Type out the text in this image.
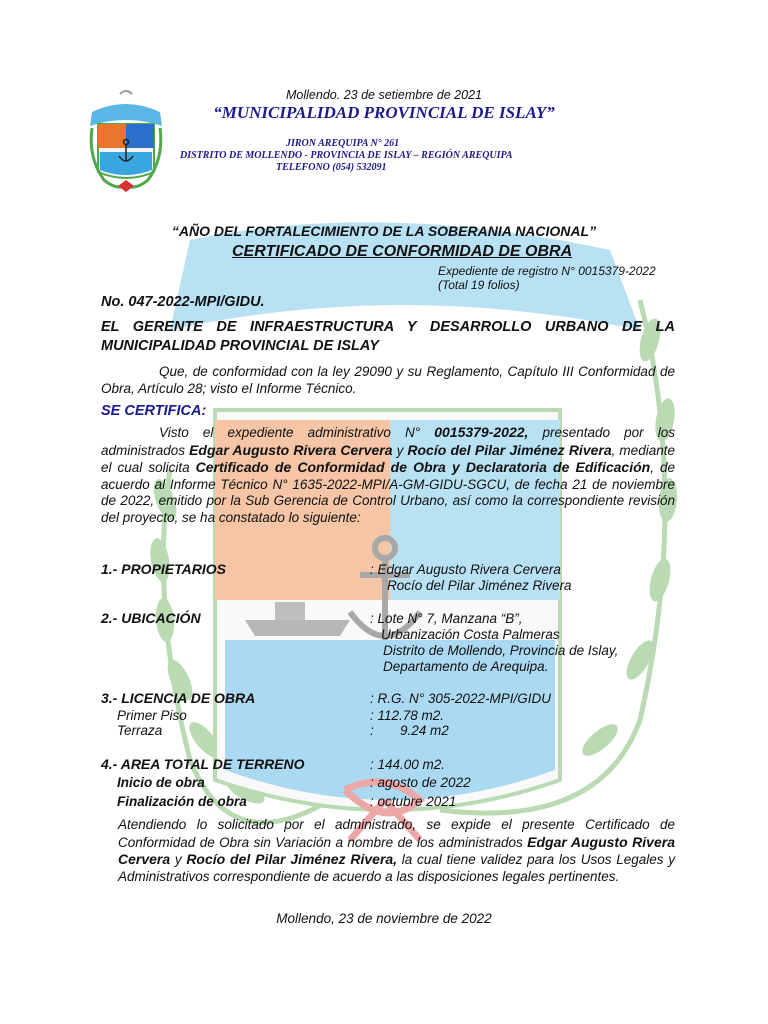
Mollendo. 23 de setiembre de 2021
“MUNICIPALIDAD PROVINCIAL DE ISLAY”
JIRON AREQUIPA N° 261
DISTRITO DE MOLLENDO - PROVINCIA DE ISLAY – REGIÓN AREQUIPA
TELEFONO (054) 532091
“AÑO DEL FORTALECIMIENTO DE LA SOBERANIA NACIONAL”
CERTIFICADO DE CONFORMIDAD DE OBRA
Expediente de registro N° 0015379-2022
(Total 19 folios)
No. 047-2022-MPI/GIDU.
EL GERENTE DE INFRAESTRUCTURA Y DESARROLLO URBANO DE LA MUNICIPALIDAD PROVINCIAL DE ISLAY
Que, de conformidad con la ley 29090 y su Reglamento, Capítulo III Conformidad de Obra, Artículo 28; visto el Informe Técnico.
SE CERTIFICA:
Visto el expediente administrativo N° 0015379-2022, presentado por los administrados Edgar Augusto Rivera Cervera y Rocío del Pilar Jiménez Rivera, mediante el cual solicita Certificado de Conformidad de Obra y Declaratoria de Edificación, de acuerdo al Informe Técnico N° 1635-2022-MPI/A-GM-GIDU-SGCU, de fecha 21 de noviembre de 2022, emitido por la Sub Gerencia de Control Urbano, así como la correspondiente revisión del proyecto, se ha constatado lo siguiente:
1.- PROPIETARIOS	: Edgar Augusto Rivera Cervera
Rocío del Pilar Jiménez Rivera
2.- UBICACIÓN	: Lote N° 7, Manzana “B”,
Urbanización Costa Palmeras
Distrito de Mollendo, Provincia de Islay,
Departamento de Arequipa.
3.- LICENCIA DE OBRA	: R.G. N° 305-2022-MPI/GIDU
Primer Piso	: 112.78 m2.
Terraza	:       9.24 m2
4.- AREA TOTAL DE TERRENO	: 144.00 m2.
Inicio de obra	: agosto de 2022
Finalización de obra	: octubre 2021
Atendiendo lo solicitado por el administrado, se expide el presente Certificado de Conformidad de Obra sin Variación a nombre de los administrados Edgar Augusto Rivera Cervera y Rocío del Pilar Jiménez Rivera, la cual tiene validez para los Usos Legales y Administrativos correspondiente de acuerdo a las disposiciones legales pertinentes.
Mollendo, 23 de noviembre de 2022
